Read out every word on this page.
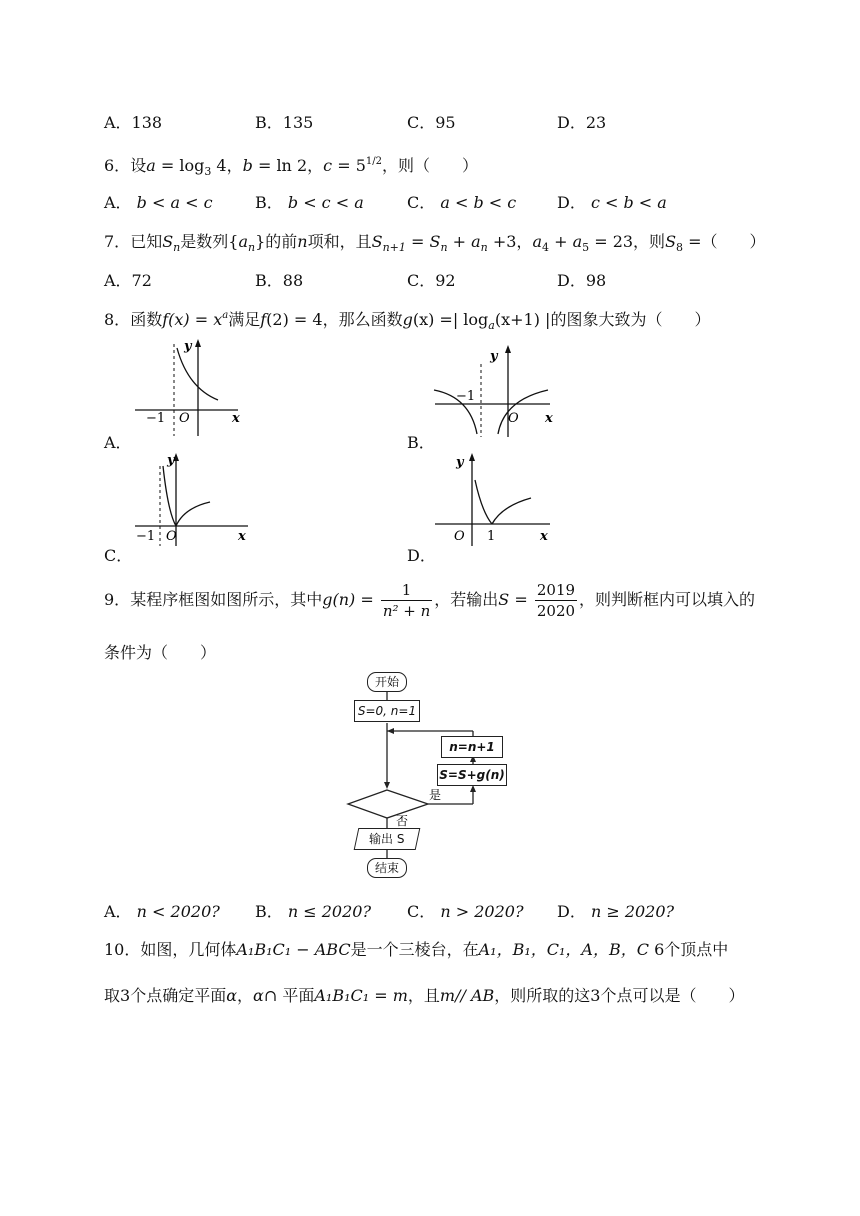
A．138	B．135	C．95	D．23
6．设$a = \log_3 4$，b = ln 2，$c = 5^{1/2}$，则（　　）
A． b < a < c	B． b < c < a	C． a < b < c	D． c < b < a
7．已知$S_n$是数列$\{a_n\}$的前n项和，且$S_{n+1} = S_n + a_n +3$，$a_4 + a_5 = 23$，则$S_8$ =（　　）
A．72	B．88	C．92	D．98
8．函数$f(x) = x^a$满足f(2) = 4，那么函数g(x) =| $\log_a(x+1)$ |的图象大致为（　　）
A．
y
x
O
−1
B．
y
x
O
−1
C．
y
x
O
−1
D．
y
x
O 1
9．某程序框图如图所示，其中$g(n) = \frac{1}{\text{n² + n}}$ ，若输出$S = \frac{2019}{2020}$ ，则判断框内可以填入的
条件为（　　）
是
否
开始
S=0, n=1
n=n+1
S=S+g(n)
输出 S
结束
A． n < 2020? B． n ≤ 2020? C． n > 2020? D． n ≥ 2020?
10．如图，几何体A₁B₁C₁ − ABC是一个三棱台，在A₁，B₁，C₁，A，B，C 6个顶点中
取3个点确定平面α，α∩ 平面A₁B₁C₁ = m，且m// AB，则所取的这3个点可以是（　　）
